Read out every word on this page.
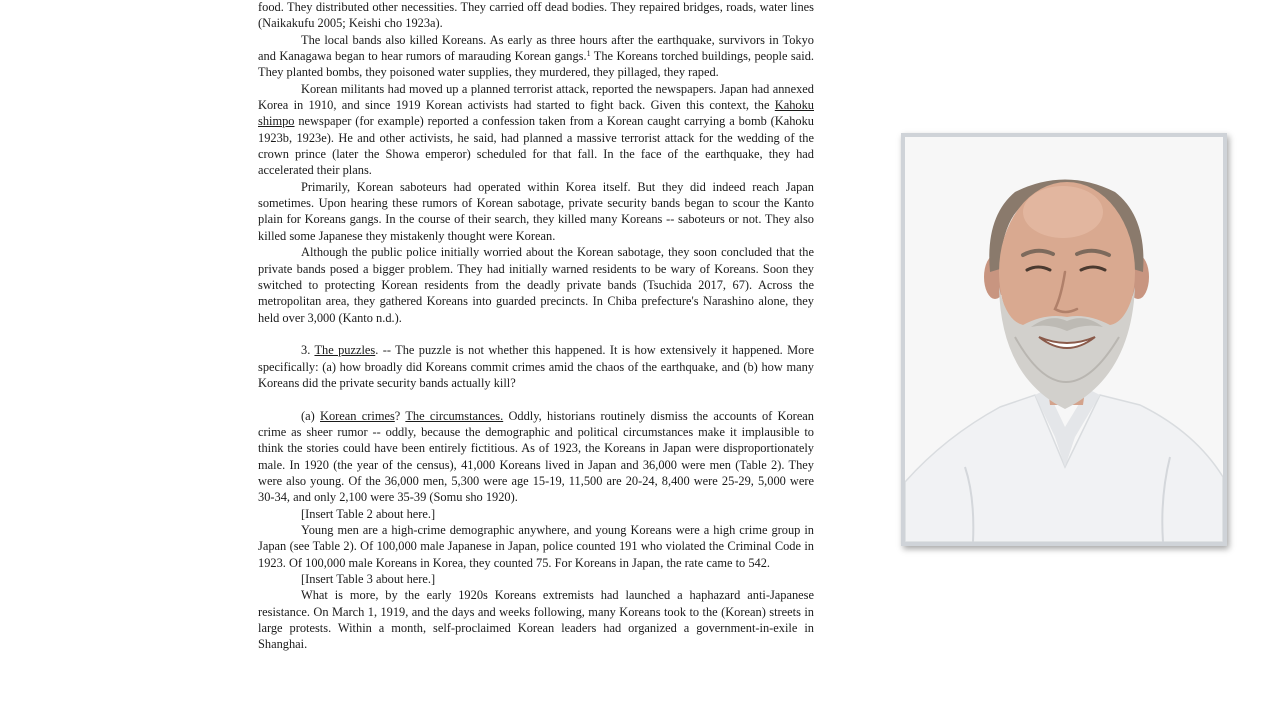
food. They distributed other necessities. They carried off dead bodies. They repaired bridges, roads, water lines (Naikakufu 2005; Keishi cho 1923a).

The local bands also killed Koreans. As early as three hours after the earthquake, survivors in Tokyo and Kanagawa began to hear rumors of marauding Korean gangs.$^1$ The Koreans torched buildings, people said. They planted bombs, they poisoned water supplies, they murdered, they pillaged, they raped.

Korean militants had moved up a planned terrorist attack, reported the newspapers. Japan had annexed Korea in 1910, and since 1919 Korean activists had started to fight back. Given this context, the Kahoku shimpo newspaper (for example) reported a confession taken from a Korean caught carrying a bomb (Kahoku 1923b, 1923e). He and other activists, he said, had planned a massive terrorist attack for the wedding of the crown prince (later the Showa emperor) scheduled for that fall. In the face of the earthquake, they had accelerated their plans.

Primarily, Korean saboteurs had operated within Korea itself. But they did indeed reach Japan sometimes. Upon hearing these rumors of Korean sabotage, private security bands began to scour the Kanto plain for Koreans gangs. In the course of their search, they killed many Koreans -- saboteurs or not. They also killed some Japanese they mistakenly thought were Korean.

Although the public police initially worried about the Korean sabotage, they soon concluded that the private bands posed a bigger problem. They had initially warned residents to be wary of Koreans. Soon they switched to protecting Korean residents from the deadly private bands (Tsuchida 2017, 67). Across the metropolitan area, they gathered Koreans into guarded precincts. In Chiba prefecture's Narashino alone, they held over 3,000 (Kanto n.d.).

3. The puzzles. -- The puzzle is not whether this happened. It is how extensively it happened. More specifically: (a) how broadly did Koreans commit crimes amid the chaos of the earthquake, and (b) how many Koreans did the private security bands actually kill?

(a) Korean crimes? The circumstances. Oddly, historians routinely dismiss the accounts of Korean crime as sheer rumor -- oddly, because the demographic and political circumstances make it implausible to think the stories could have been entirely fictitious. As of 1923, the Koreans in Japan were disproportionately male. In 1920 (the year of the census), 41,000 Koreans lived in Japan and 36,000 were men (Table 2). They were also young. Of the 36,000 men, 5,300 were age 15-19, 11,500 are 20-24, 8,400 were 25-29, 5,000 were 30-34, and only 2,100 were 35-39 (Somu sho 1920).

[Insert Table 2 about here.]

Young men are a high-crime demographic anywhere, and young Koreans were a high crime group in Japan (see Table 2). Of 100,000 male Japanese in Japan, police counted 191 who violated the Criminal Code in 1923. Of 100,000 male Koreans in Korea, they counted 75. For Koreans in Japan, the rate came to 542.

[Insert Table 3 about here.]

What is more, by the early 1920s Koreans extremists had launched a haphazard anti-Japanese resistance. On March 1, 1919, and the days and weeks following, many Koreans took to the (Korean) streets in large protests. Within a month, self-proclaimed Korean leaders had organized a government-in-exile in Shanghai.
